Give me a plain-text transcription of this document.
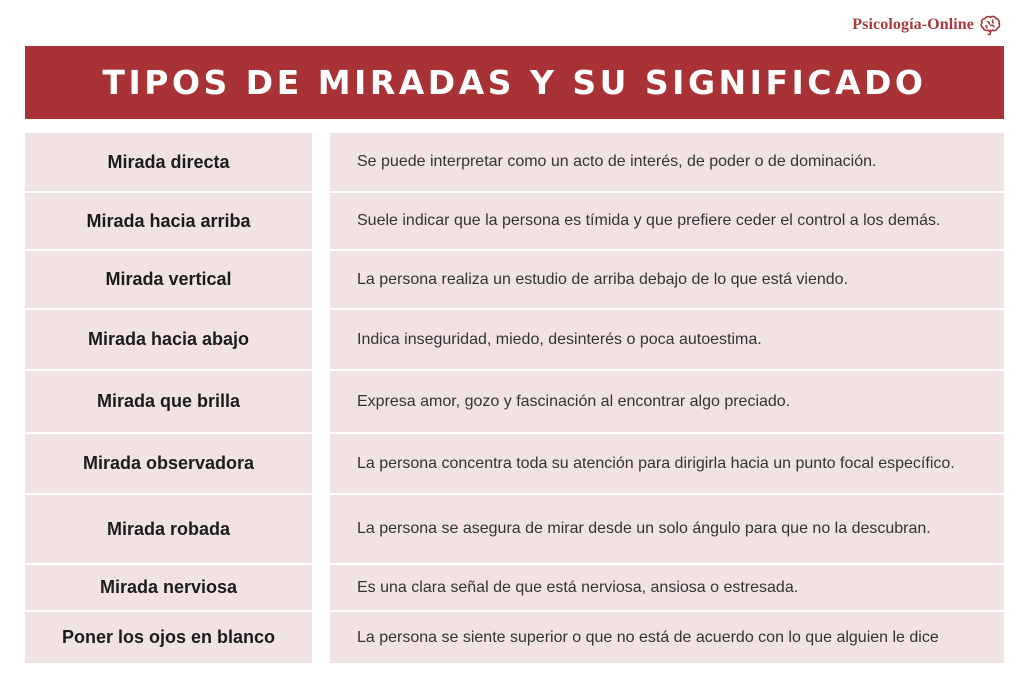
Psicología-Online
TIPOS DE MIRADAS Y SU SIGNIFICADO
Mirada directa	Se puede interpretar como un acto de interés, de poder o de dominación.
Mirada hacia arriba	Suele indicar que la persona es tímida y que prefiere ceder el control a los demás.
Mirada vertical	La persona realiza un estudio de arriba debajo de lo que está viendo.
Mirada hacia abajo	Indica inseguridad, miedo, desinterés o poca autoestima.
Mirada que brilla	Expresa amor, gozo y fascinación al encontrar algo preciado.
Mirada observadora	La persona concentra toda su atención para dirigirla hacia un punto focal específico.
Mirada robada	La persona se asegura de mirar desde un solo ángulo para que no la descubran.
Mirada nerviosa	Es una clara señal de que está nerviosa, ansiosa o estresada.
Poner los ojos en blanco	La persona se siente superior o que no está de acuerdo con lo que alguien le dice
